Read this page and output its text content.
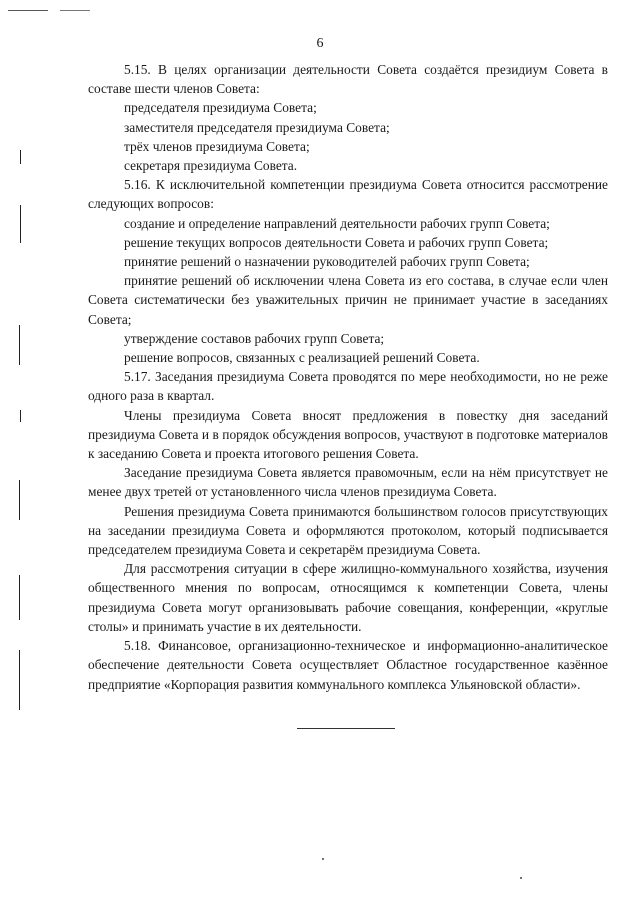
6

5.15. В целях организации деятельности Совета создаётся президиум Совета в составе шести членов Совета:

председателя президиума Совета;

заместителя председателя президиума Совета;

трёх членов президиума Совета;

секретаря президиума Совета.

5.16. К исключительной компетенции президиума Совета относится рассмотрение следующих вопросов:

создание и определение направлений деятельности рабочих групп Совета;

решение текущих вопросов деятельности Совета и рабочих групп Совета;

принятие решений о назначении руководителей рабочих групп Совета;

принятие решений об исключении члена Совета из его состава, в случае если член Совета систематически без уважительных причин не принимает участие в заседаниях Совета;

утверждение составов рабочих групп Совета;

решение вопросов, связанных с реализацией решений Совета.

5.17. Заседания президиума Совета проводятся по мере необходимости, но не реже одного раза в квартал.

Члены президиума Совета вносят предложения в повестку дня заседаний президиума Совета и в порядок обсуждения вопросов, участвуют в подготовке материалов к заседанию Совета и проекта итогового решения Совета.

Заседание президиума Совета является правомочным, если на нём присутствует не менее двух третей от установленного числа членов президиума Совета.

Решения президиума Совета принимаются большинством голосов присутствующих на заседании президиума Совета и оформляются протоколом, который подписывается председателем президиума Совета и секретарём президиума Совета.

Для рассмотрения ситуации в сфере жилищно-коммунального хозяйства, изучения общественного мнения по вопросам, относящимся к компетенции Совета, члены президиума Совета могут организовывать рабочие совещания, конференции, «круглые столы» и принимать участие в их деятельности.

5.18. Финансовое, организационно-техническое и информационно-аналитическое обеспечение деятельности Совета осуществляет Областное государственное казённое предприятие «Корпорация развития коммунального комплекса Ульяновской области».
